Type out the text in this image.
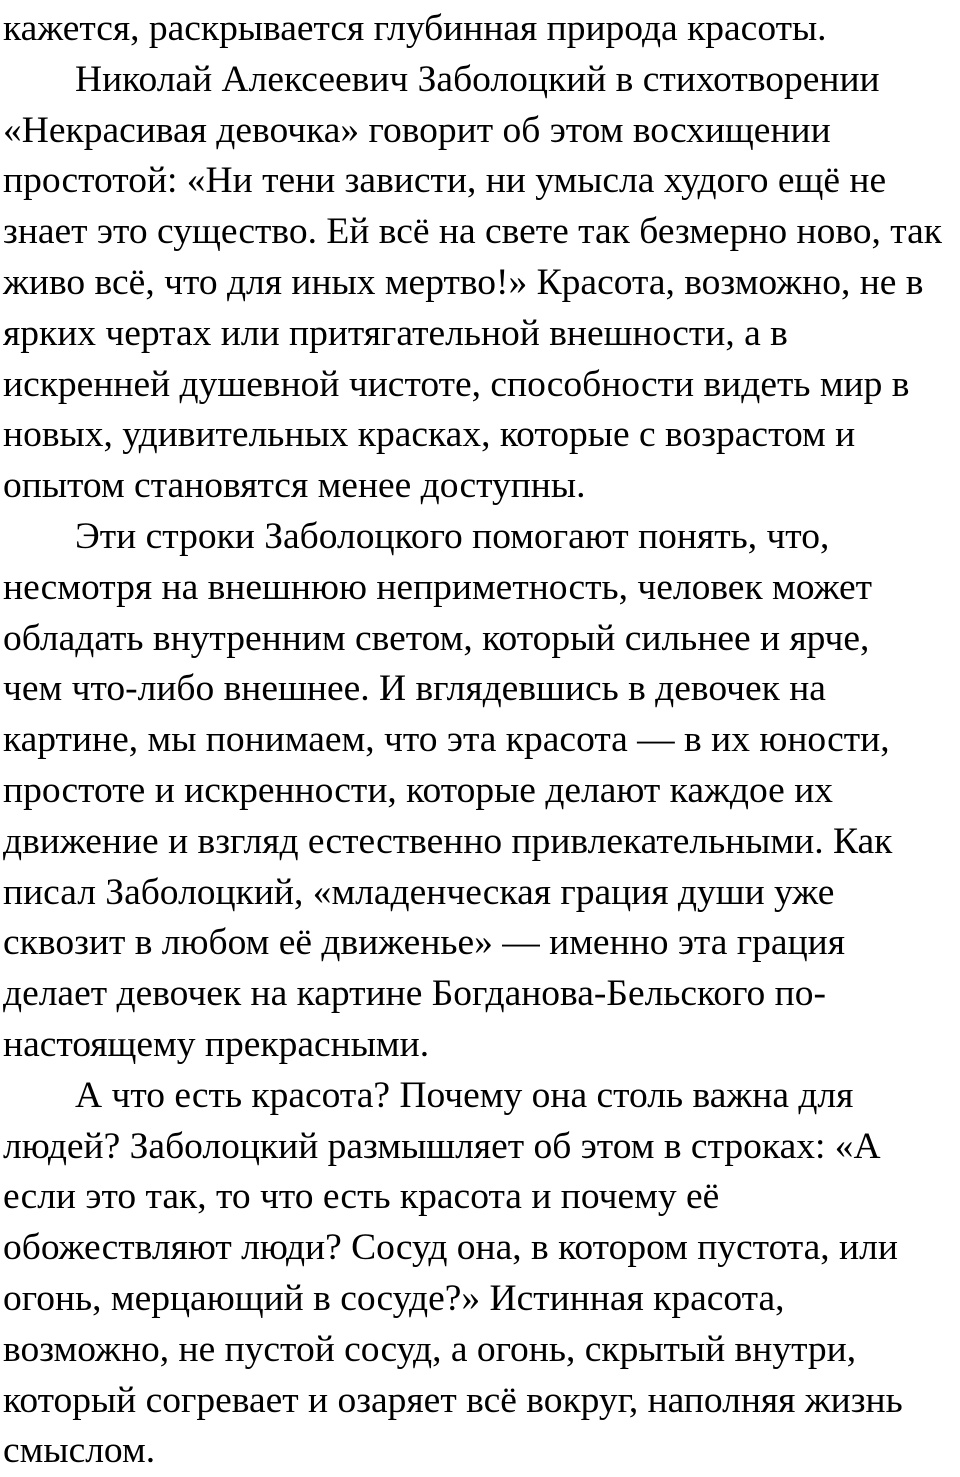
кажется, раскрывается глубинная природа красоты.
Николай Алексеевич Заболоцкий в стихотворении
«Некрасивая девочка» говорит об этом восхищении
простотой: «Ни тени зависти, ни умысла худого ещё не
знает это существо. Ей всё на свете так безмерно ново, так
живо всё, что для иных мертво!» Красота, возможно, не в
ярких чертах или притягательной внешности, а в
искренней душевной чистоте, способности видеть мир в
новых, удивительных красках, которые с возрастом и
опытом становятся менее доступны.
Эти строки Заболоцкого помогают понять, что,
несмотря на внешнюю неприметность, человек может
обладать внутренним светом, который сильнее и ярче,
чем что-либо внешнее. И вглядевшись в девочек на
картине, мы понимаем, что эта красота — в их юности,
простоте и искренности, которые делают каждое их
движение и взгляд естественно привлекательными. Как
писал Заболоцкий, «младенческая грация души уже
сквозит в любом её движенье» — именно эта грация
делает девочек на картине Богданова-Бельского по-
настоящему прекрасными.
А что есть красота? Почему она столь важна для
людей? Заболоцкий размышляет об этом в строках: «А
если это так, то что есть красота и почему её
обожествляют люди? Сосуд она, в котором пустота, или
огонь, мерцающий в сосуде?» Истинная красота,
возможно, не пустой сосуд, а огонь, скрытый внутри,
который согревает и озаряет всё вокруг, наполняя жизнь
смыслом.
